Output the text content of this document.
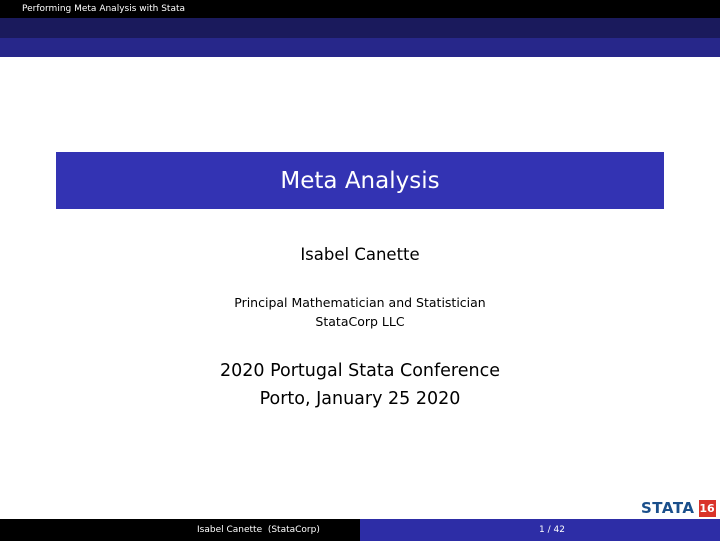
Performing Meta Analysis with Stata
Meta Analysis
Isabel Canette
Principal Mathematician and Statistician
StataCorp LLC
2020 Portugal Stata Conference
Porto, January 25 2020
STATA 16
Isabel Canette  (StataCorp)	1 / 42
